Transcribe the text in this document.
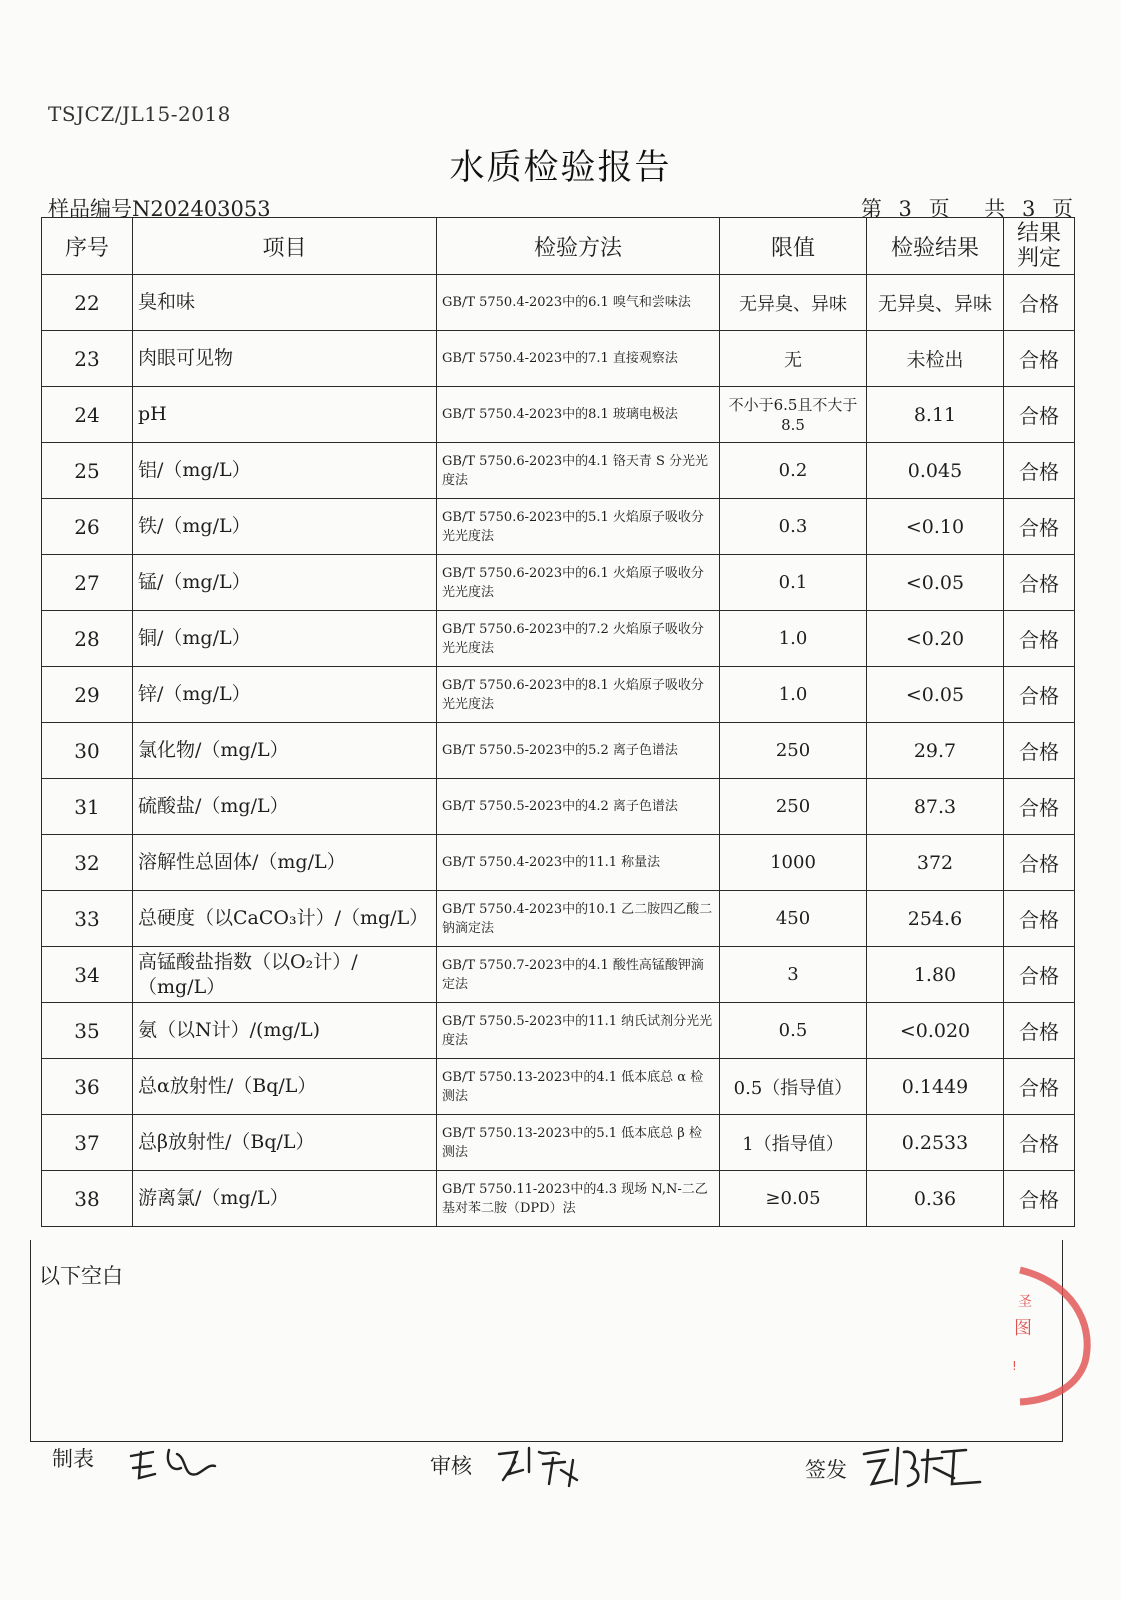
TSJCZ/JL15-2018
水质检验报告
样品编号N202403053	第 3 页 共 3 页
序号	项目	检验方法	限值	检验结果	结果判定
22	臭和味	GB/T 5750.4-2023中的6.1 嗅气和尝味法	无异臭、异味	无异臭、异味	合格
23	肉眼可见物	GB/T 5750.4-2023中的7.1 直接观察法	无	未检出	合格
24	pH	GB/T 5750.4-2023中的8.1 玻璃电极法	不小于6.5且不大于8.5	8.11	合格
25	铝/（mg/L）	GB/T 5750.6-2023中的4.1 铬天青 S 分光光度法	0.2	0.045	合格
26	铁/（mg/L）	GB/T 5750.6-2023中的5.1 火焰原子吸收分光光度法	0.3	<0.10	合格
27	锰/（mg/L）	GB/T 5750.6-2023中的6.1 火焰原子吸收分光光度法	0.1	<0.05	合格
28	铜/（mg/L）	GB/T 5750.6-2023中的7.2 火焰原子吸收分光光度法	1.0	<0.20	合格
29	锌/（mg/L）	GB/T 5750.6-2023中的8.1 火焰原子吸收分光光度法	1.0	<0.05	合格
30	氯化物/（mg/L）	GB/T 5750.5-2023中的5.2 离子色谱法	250	29.7	合格
31	硫酸盐/（mg/L）	GB/T 5750.5-2023中的4.2 离子色谱法	250	87.3	合格
32	溶解性总固体/（mg/L）	GB/T 5750.4-2023中的11.1 称量法	1000	372	合格
33	总硬度（以CaCO₃计）/（mg/L）	GB/T 5750.4-2023中的10.1 乙二胺四乙酸二钠滴定法	450	254.6	合格
34	高锰酸盐指数（以O₂计）/（mg/L）	GB/T 5750.7-2023中的4.1 酸性高锰酸钾滴定法	3	1.80	合格
35	氨（以N计）/(mg/L)	GB/T 5750.5-2023中的11.1 纳氏试剂分光光度法	0.5	<0.020	合格
36	总α放射性/（Bq/L）	GB/T 5750.13-2023中的4.1 低本底总 α 检测法	0.5（指导值）	0.1449	合格
37	总β放射性/（Bq/L）	GB/T 5750.13-2023中的5.1 低本底总 β 检测法	1（指导值）	0.2533	合格
38	游离氯/（mg/L）	GB/T 5750.11-2023中的4.3 现场 N,N-二乙基对苯二胺（DPD）法	≥0.05	0.36	合格
以下空白
圣
图
!
制表	审核	签发
